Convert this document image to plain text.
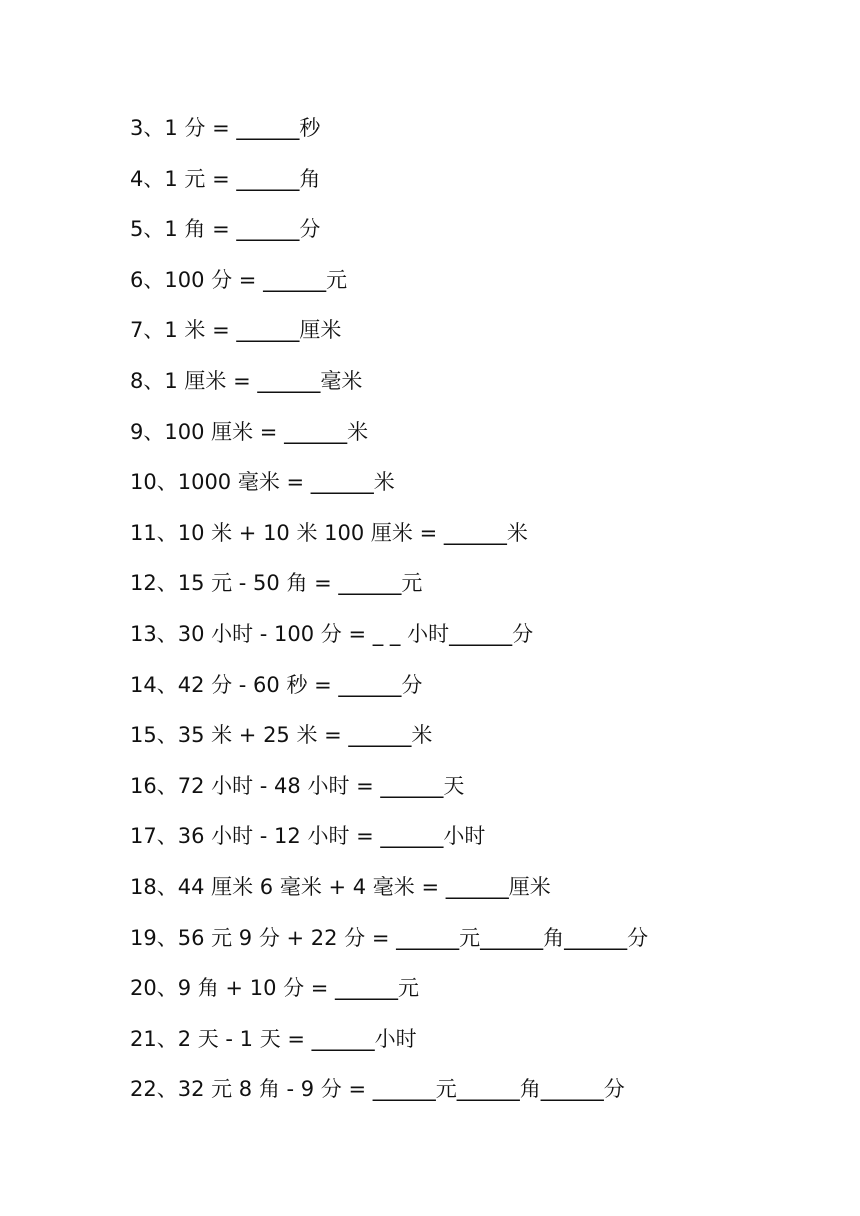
3、1 分 = ______秒
4、1 元 = ______角
5、1 角 = ______分
6、100 分 = ______元
7、1 米 = ______厘米
8、1 厘米 = ______毫米
9、100 厘米 = ______米
10、1000 毫米 = ______米
11、10 米 + 10 米 100 厘米 = ______米
12、15 元 - 50 角 = ______元
13、30 小时 - 100 分 = _ _ 小时______分
14、42 分 - 60 秒 = ______分
15、35 米 + 25 米 = ______米
16、72 小时 - 48 小时 = ______天
17、36 小时 - 12 小时 = ______小时
18、44 厘米 6 毫米 + 4 毫米 = ______厘米
19、56 元 9 分 + 22 分 = ______元______角______分
20、9 角 + 10 分 = ______元
21、2 天 - 1 天 = ______小时
22、32 元 8 角 - 9 分 = ______元______角______分
